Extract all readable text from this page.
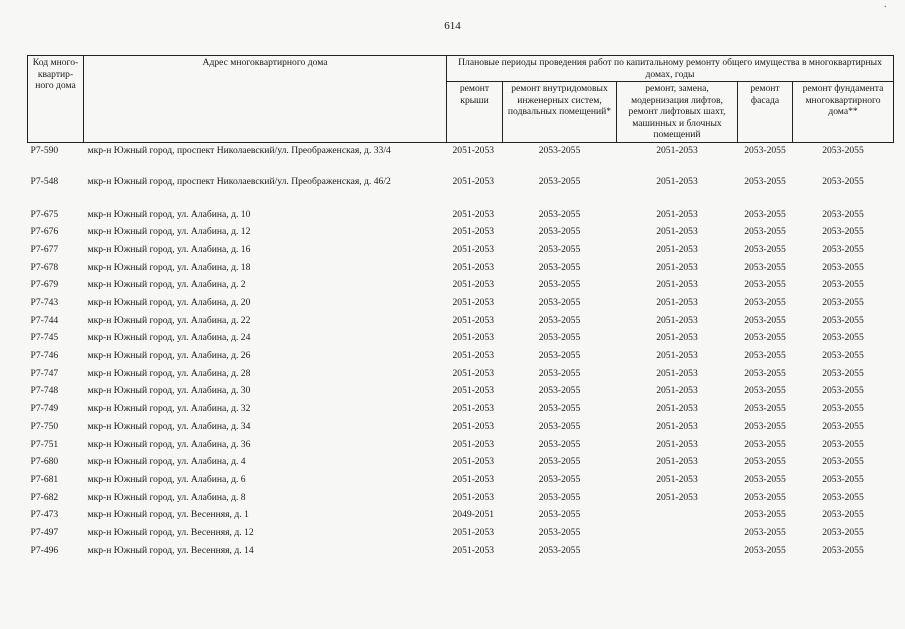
·
614
Код много-квартир-ного дома	Адрес многоквартирного дома	Плановые периоды проведения работ по капитальному ремонту общего имущества в многоквартирных домах, годы				
		ремонт крыши	ремонт внутридомовых инженерных систем, подвальных помещений*	ремонт, замена, модернизация лифтов, ремонт лифтовых шахт, машинных и блочных помещений	ремонт фасада	ремонт фундамента многоквартирного дома**
Р7-590	мкр-н Южный город, проспект Николаевский/ул. Преображенская, д. 33/4	2051-2053	2053-2055	2051-2053	2053-2055	2053-2055
Р7-548	мкр-н Южный город, проспект Николаевский/ул. Преображенская, д. 46/2	2051-2053	2053-2055	2051-2053	2053-2055	2053-2055
Р7-675	мкр-н Южный город, ул. Алабина, д. 10	2051-2053	2053-2055	2051-2053	2053-2055	2053-2055
Р7-676	мкр-н Южный город, ул. Алабина, д. 12	2051-2053	2053-2055	2051-2053	2053-2055	2053-2055
Р7-677	мкр-н Южный город, ул. Алабина, д. 16	2051-2053	2053-2055	2051-2053	2053-2055	2053-2055
Р7-678	мкр-н Южный город, ул. Алабина, д. 18	2051-2053	2053-2055	2051-2053	2053-2055	2053-2055
Р7-679	мкр-н Южный город, ул. Алабина, д. 2	2051-2053	2053-2055	2051-2053	2053-2055	2053-2055
Р7-743	мкр-н Южный город, ул. Алабина, д. 20	2051-2053	2053-2055	2051-2053	2053-2055	2053-2055
Р7-744	мкр-н Южный город, ул. Алабина, д. 22	2051-2053	2053-2055	2051-2053	2053-2055	2053-2055
Р7-745	мкр-н Южный город, ул. Алабина, д. 24	2051-2053	2053-2055	2051-2053	2053-2055	2053-2055
Р7-746	мкр-н Южный город, ул. Алабина, д. 26	2051-2053	2053-2055	2051-2053	2053-2055	2053-2055
Р7-747	мкр-н Южный город, ул. Алабина, д. 28	2051-2053	2053-2055	2051-2053	2053-2055	2053-2055
Р7-748	мкр-н Южный город, ул. Алабина, д. 30	2051-2053	2053-2055	2051-2053	2053-2055	2053-2055
Р7-749	мкр-н Южный город, ул. Алабина, д. 32	2051-2053	2053-2055	2051-2053	2053-2055	2053-2055
Р7-750	мкр-н Южный город, ул. Алабина, д. 34	2051-2053	2053-2055	2051-2053	2053-2055	2053-2055
Р7-751	мкр-н Южный город, ул. Алабина, д. 36	2051-2053	2053-2055	2051-2053	2053-2055	2053-2055
Р7-680	мкр-н Южный город, ул. Алабина, д. 4	2051-2053	2053-2055	2051-2053	2053-2055	2053-2055
Р7-681	мкр-н Южный город, ул. Алабина, д. 6	2051-2053	2053-2055	2051-2053	2053-2055	2053-2055
Р7-682	мкр-н Южный город, ул. Алабина, д. 8	2051-2053	2053-2055	2051-2053	2053-2055	2053-2055
Р7-473	мкр-н Южный город, ул. Весенняя, д. 1	2049-2051	2053-2055		2053-2055	2053-2055
Р7-497	мкр-н Южный город, ул. Весенняя, д. 12	2051-2053	2053-2055		2053-2055	2053-2055
Р7-496	мкр-н Южный город, ул. Весенняя, д. 14	2051-2053	2053-2055		2053-2055	2053-2055
